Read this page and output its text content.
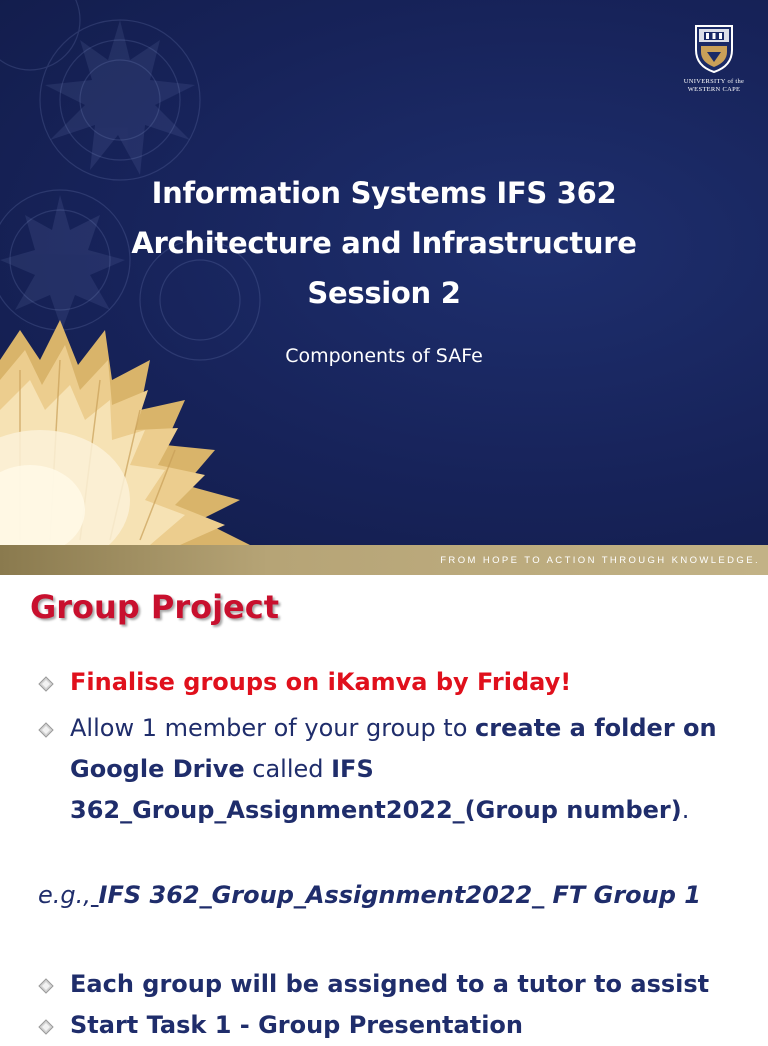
UNIVERSITY of the
WESTERN CAPE
Information Systems IFS 362
Architecture and Infrastructure
Session 2
Components of SAFe
FROM HOPE TO ACTION THROUGH KNOWLEDGE.
Group Project
Finalise groups on iKamva by Friday!
Allow 1 member of your group to create a folder on Google Drive called IFS 362_Group_Assignment2022_(Group number).
e.g., IFS 362_Group_Assignment2022_ FT Group 1
Each group will be assigned to a tutor to assist
Start Task 1 - Group Presentation
